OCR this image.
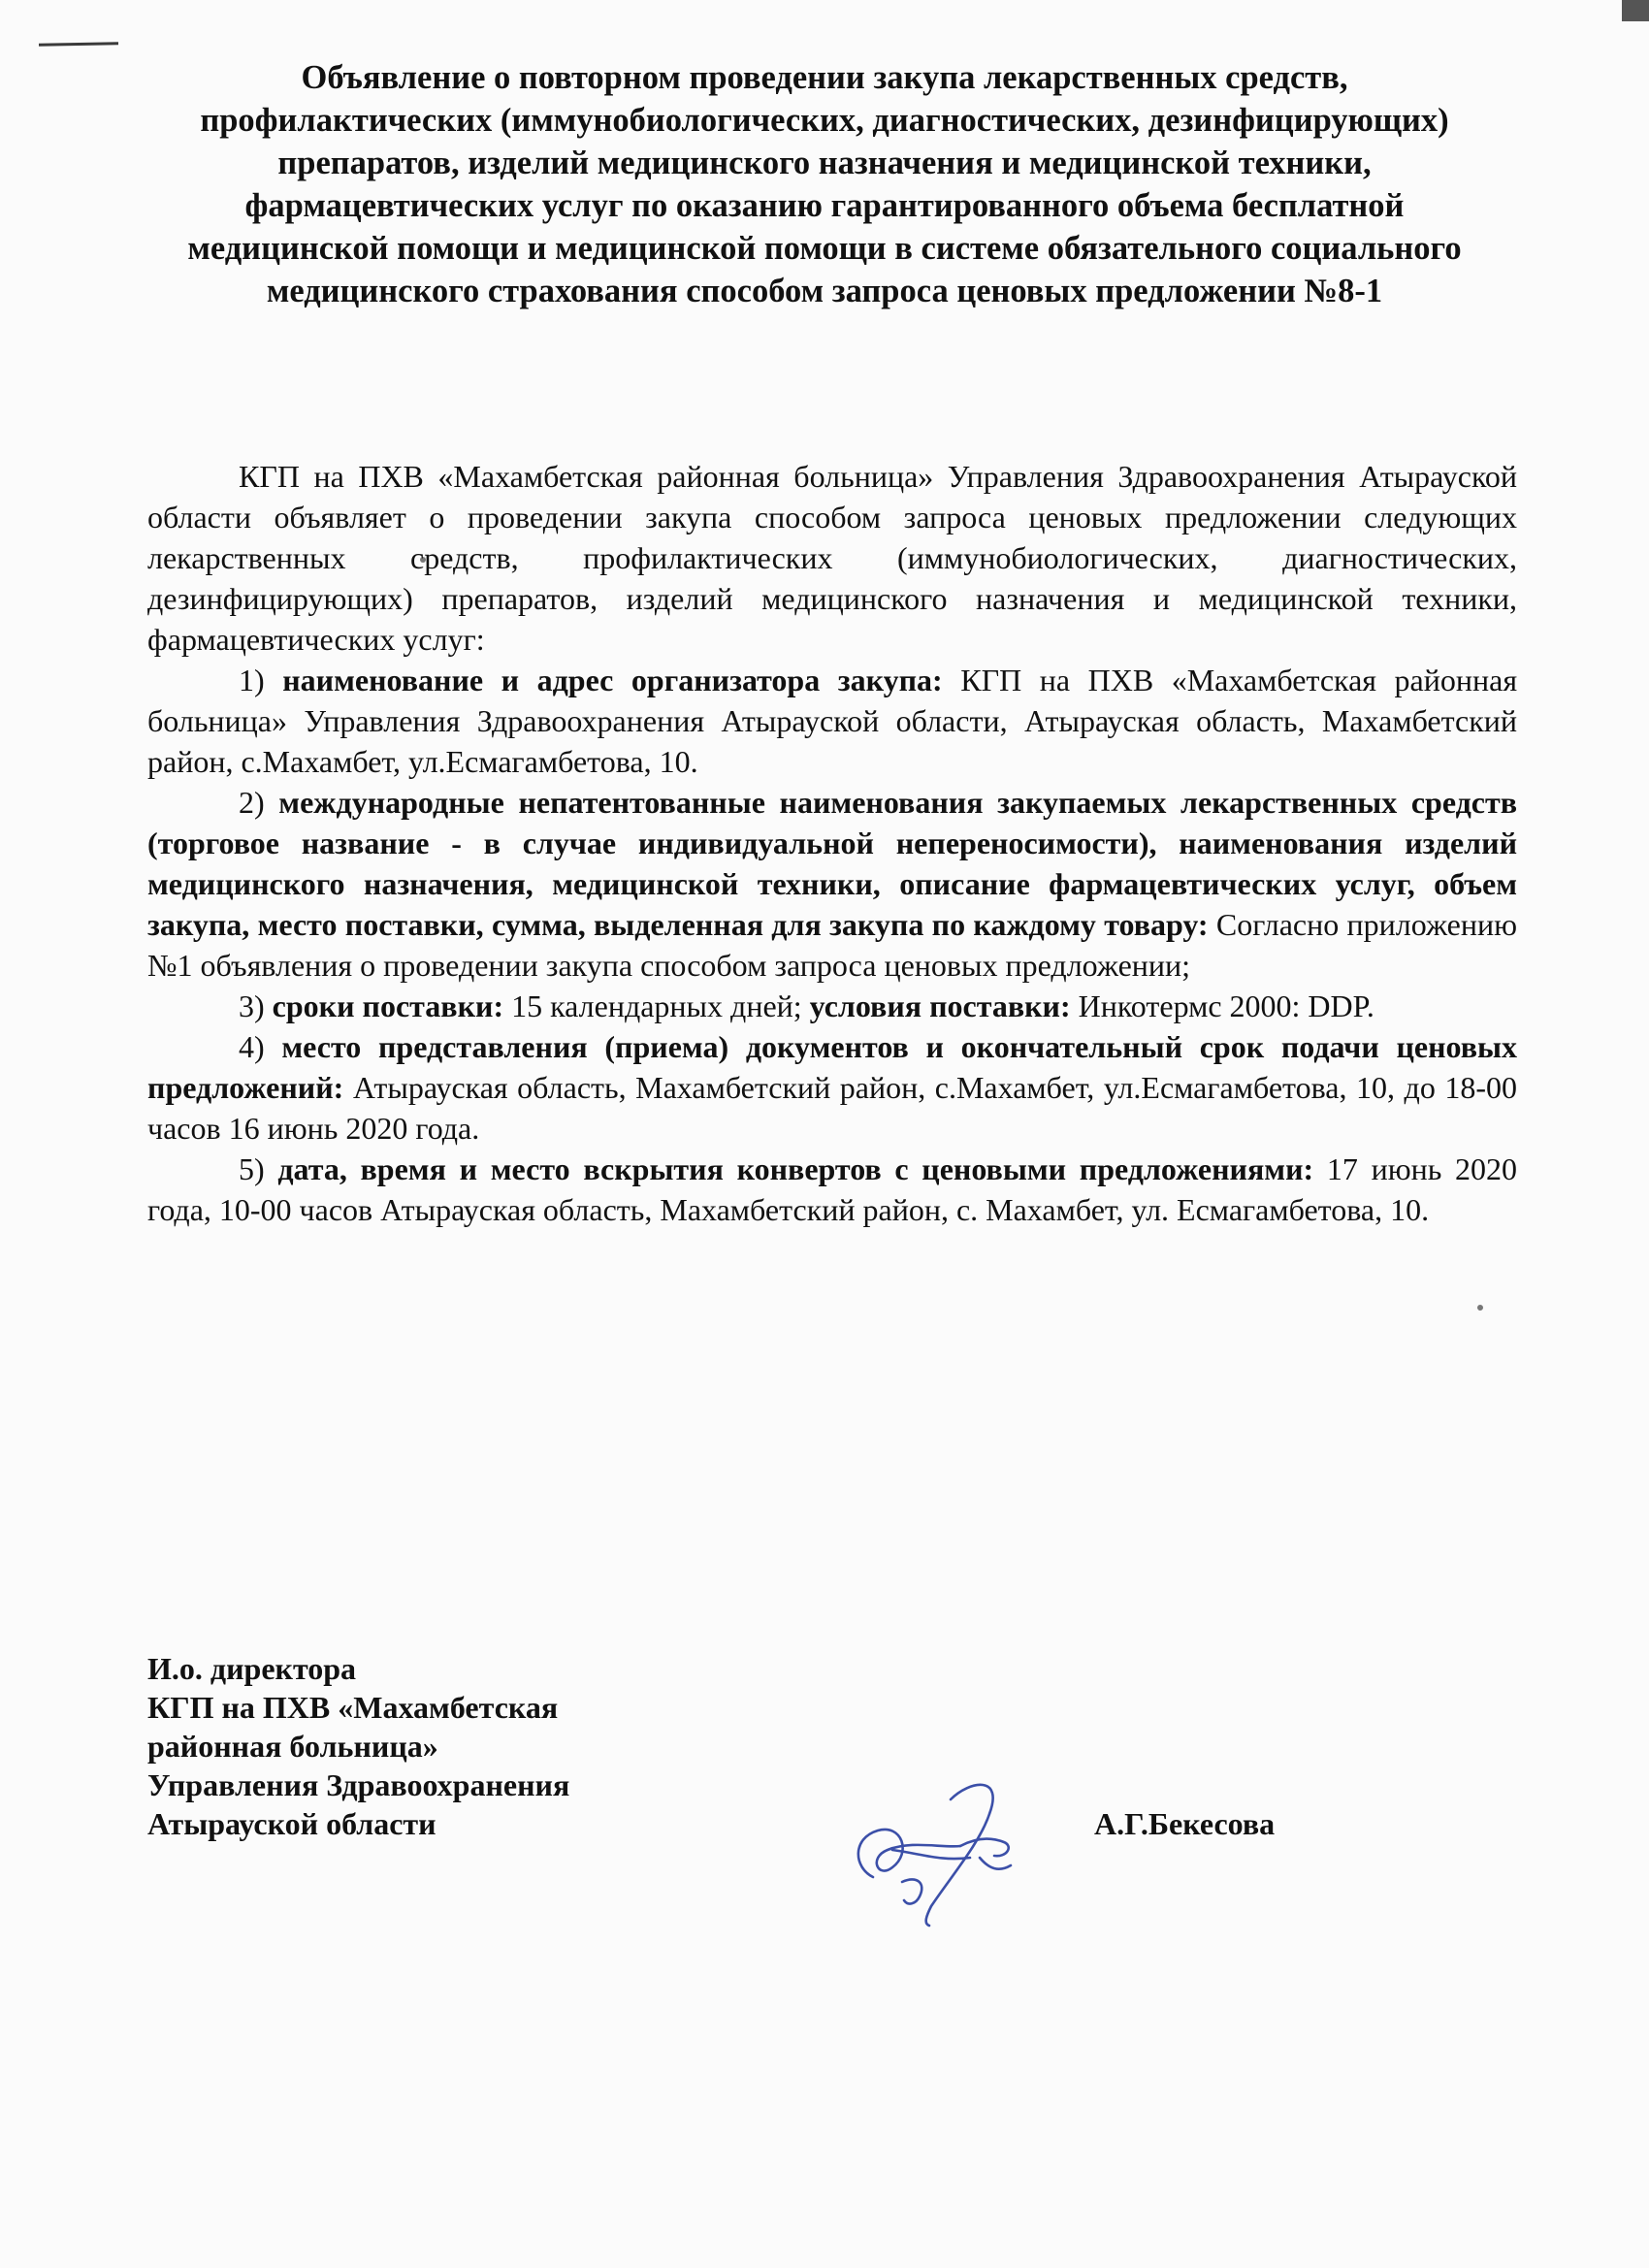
Объявление о повторном проведении закупа лекарственных средств, профилактических (иммунобиологических, диагностических, дезинфицирующих) препаратов, изделий медицинского назначения и медицинской техники, фармацевтических услуг по оказанию гарантированного объема бесплатной медицинской помощи и медицинской помощи в системе обязательного социального медицинского страхования способом запроса ценовых предложении №8-1

КГП на ПХВ «Махамбетская районная больница» Управления Здравоохранения Атырауской области объявляет о проведении закупа способом запроса ценовых предложении следующих лекарственных средств, профилактических (иммунобиологических, диагностических, дезинфицирующих) препаратов, изделий медицинского назначения и медицинской техники, фармацевтических услуг:

1) наименование и адрес организатора закупа: КГП на ПХВ «Махамбетская районная больница» Управления Здравоохранения Атырауской области, Атырауская область, Махамбетский район, с.Махамбет, ул.Есмагамбетова, 10.

2) международные непатентованные наименования закупаемых лекарственных средств (торговое название - в случае индивидуальной непереносимости), наименования изделий медицинского назначения, медицинской техники, описание фармацевтических услуг, объем закупа, место поставки, сумма, выделенная для закупа по каждому товару: Согласно приложению №1 объявления о проведении закупа способом запроса ценовых предложении;

3) сроки поставки: 15 календарных дней; условия поставки: Инкотермс 2000: DDP.

4) место представления (приема) документов и окончательный срок подачи ценовых предложений: Атырауская область, Махамбетский район, с.Махамбет, ул.Есмагамбетова, 10, до 18-00 часов 16 июнь 2020 года.

5) дата, время и место вскрытия конвертов с ценовыми предложениями: 17 июнь 2020 года, 10-00 часов Атырауская область, Махамбетский район, с. Махамбет, ул. Есмагамбетова, 10.

И.о. директора
КГП на ПХВ «Махамбетская
районная больница»
Управления Здравоохранения
Атырауской области	А.Г.Бекесова
